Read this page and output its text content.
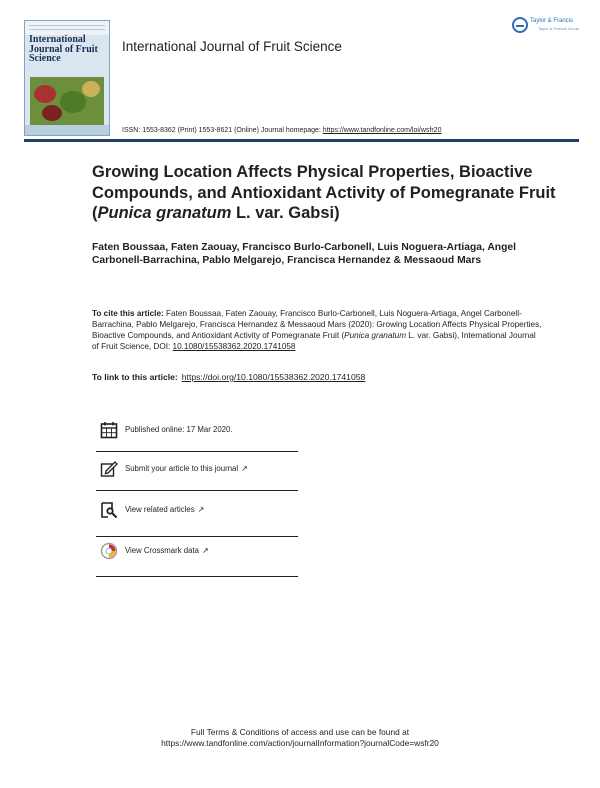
International Journal of Fruit Science
Taylor & Francis
Taylor & Francis Group
International Journal of Fruit Science
ISSN: 1553-8362 (Print) 1553-8621 (Online) Journal homepage: https://www.tandfonline.com/loi/wsfr20
Growing Location Affects Physical Properties, Bioactive Compounds, and Antioxidant Activity of Pomegranate Fruit (Punica granatum L. var. Gabsi)

Faten Boussaa, Faten Zaouay, Francisco Burlo-Carbonell, Luis Noguera-Artiaga, Angel Carbonell-Barrachina, Pablo Melgarejo, Francisca Hernandez & Messaoud Mars

To cite this article: Faten Boussaa, Faten Zaouay, Francisco Burlo-Carbonell, Luis Noguera-Artiaga, Angel Carbonell-Barrachina, Pablo Melgarejo, Francisca Hernandez & Messaoud Mars (2020): Growing Location Affects Physical Properties, Bioactive Compounds, and Antioxidant Activity of Pomegranate Fruit (Punica granatum L. var. Gabsi), International Journal of Fruit Science, DOI: 10.1080/15538362.2020.1741058

To link to this article: https://doi.org/10.1080/15538362.2020.1741058
Published online: 17 Mar 2020.
Submit your article to this journal ↗
View related articles ↗
View Crossmark data ↗
Full Terms & Conditions of access and use can be found at
https://www.tandfonline.com/action/journalInformation?journalCode=wsfr20
